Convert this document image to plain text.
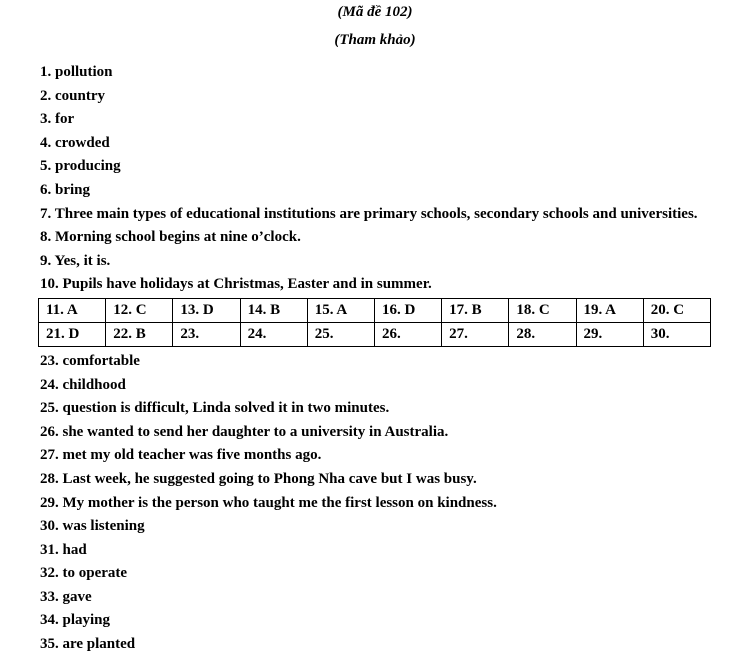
(Mã đề 102)
(Tham khảo)
1. pollution
2. country
3. for
4. crowded
5. producing
6. bring
7. Three main types of educational institutions are primary schools, secondary schools and universities.
8. Morning school begins at nine o’clock.
9. Yes, it is.
10. Pupils have holidays at Christmas, Easter and in summer.
11. A	12. C	13. D	14. B	15. A	16. D	17. B	18. C	19. A	20. C
21. D	22. B	23.	24.	25.	26.	27.	28.	29.	30.
23. comfortable
24. childhood
25. question is difficult, Linda solved it in two minutes.
26. she wanted to send her daughter to a university in Australia.
27. met my old teacher was five months ago.
28. Last week, he suggested going to Phong Nha cave but I was busy.
29. My mother is the person who taught me the first lesson on kindness.
30. was listening
31. had
32. to operate
33. gave
34. playing
35. are planted
